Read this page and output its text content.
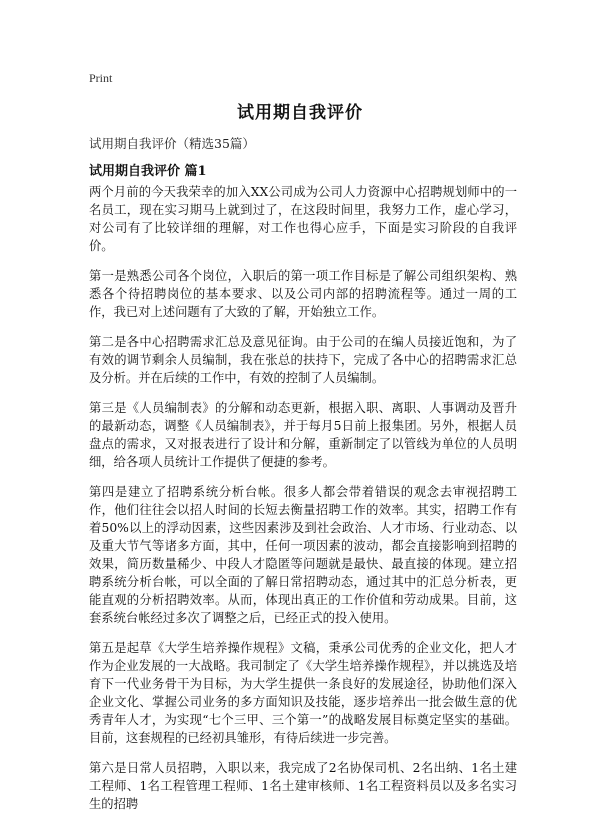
Print
试用期自我评价
试用期自我评价（精选35篇）
试用期自我评价 篇1

两个月前的今天我荣幸的加入XX公司成为公司人力资源中心招聘规划师中的一名员工，现在实习期马上就到过了，在这段时间里，我努力工作，虚心学习，对公司有了比较详细的理解，对工作也得心应手，下面是实习阶段的自我评价。

第一是熟悉公司各个岗位，入职后的第一项工作目标是了解公司组织架构、熟悉各个待招聘岗位的基本要求、以及公司内部的招聘流程等。通过一周的工作，我已对上述问题有了大致的了解，开始独立工作。

第二是各中心招聘需求汇总及意见征询。由于公司的在编人员接近饱和，为了有效的调节剩余人员编制，我在张总的扶持下，完成了各中心的招聘需求汇总及分析。并在后续的工作中，有效的控制了人员编制。

第三是《人员编制表》的分解和动态更新，根据入职、离职、人事调动及晋升的最新动态，调整《人员编制表》，并于每月5日前上报集团。另外，根据人员盘点的需求，又对报表进行了设计和分解，重新制定了以管线为单位的人员明细，给各项人员统计工作提供了便捷的参考。

第四是建立了招聘系统分析台帐。很多人都会带着错误的观念去审视招聘工作，他们往往会以招人时间的长短去衡量招聘工作的效率。其实，招聘工作有着50%以上的浮动因素，这些因素涉及到社会政治、人才市场、行业动态、以及重大节气等诸多方面，其中，任何一项因素的波动，都会直接影响到招聘的效果，简历数量稀少、中段人才隐匿等问题就是最快、最直接的体现。建立招聘系统分析台帐，可以全面的了解日常招聘动态，通过其中的汇总分析表，更能直观的分析招聘效率。从而，体现出真正的工作价值和劳动成果。目前，这套系统台帐经过多次了调整之后，已经正式的投入使用。

第五是起草《大学生培养操作规程》文稿，秉承公司优秀的企业文化，把人才作为企业发展的一大战略。我司制定了《大学生培养操作规程》，并以挑选及培育下一代业务骨干为目标，为大学生提供一条良好的发展途径，协助他们深入企业文化、掌握公司业务的多方面知识及技能，逐步培养出一批会做生意的优秀青年人才，为实现“七个三甲、三个第一”的战略发展目标奠定坚实的基础。目前，这套规程的已经初具雏形，有待后续进一步完善。

第六是日常人员招聘，入职以来，我完成了2名协保司机、2名出纳、1名土建工程师、1名工程管理工程师、1名土建审核师、1名工程资料员以及多名实习生的招聘
